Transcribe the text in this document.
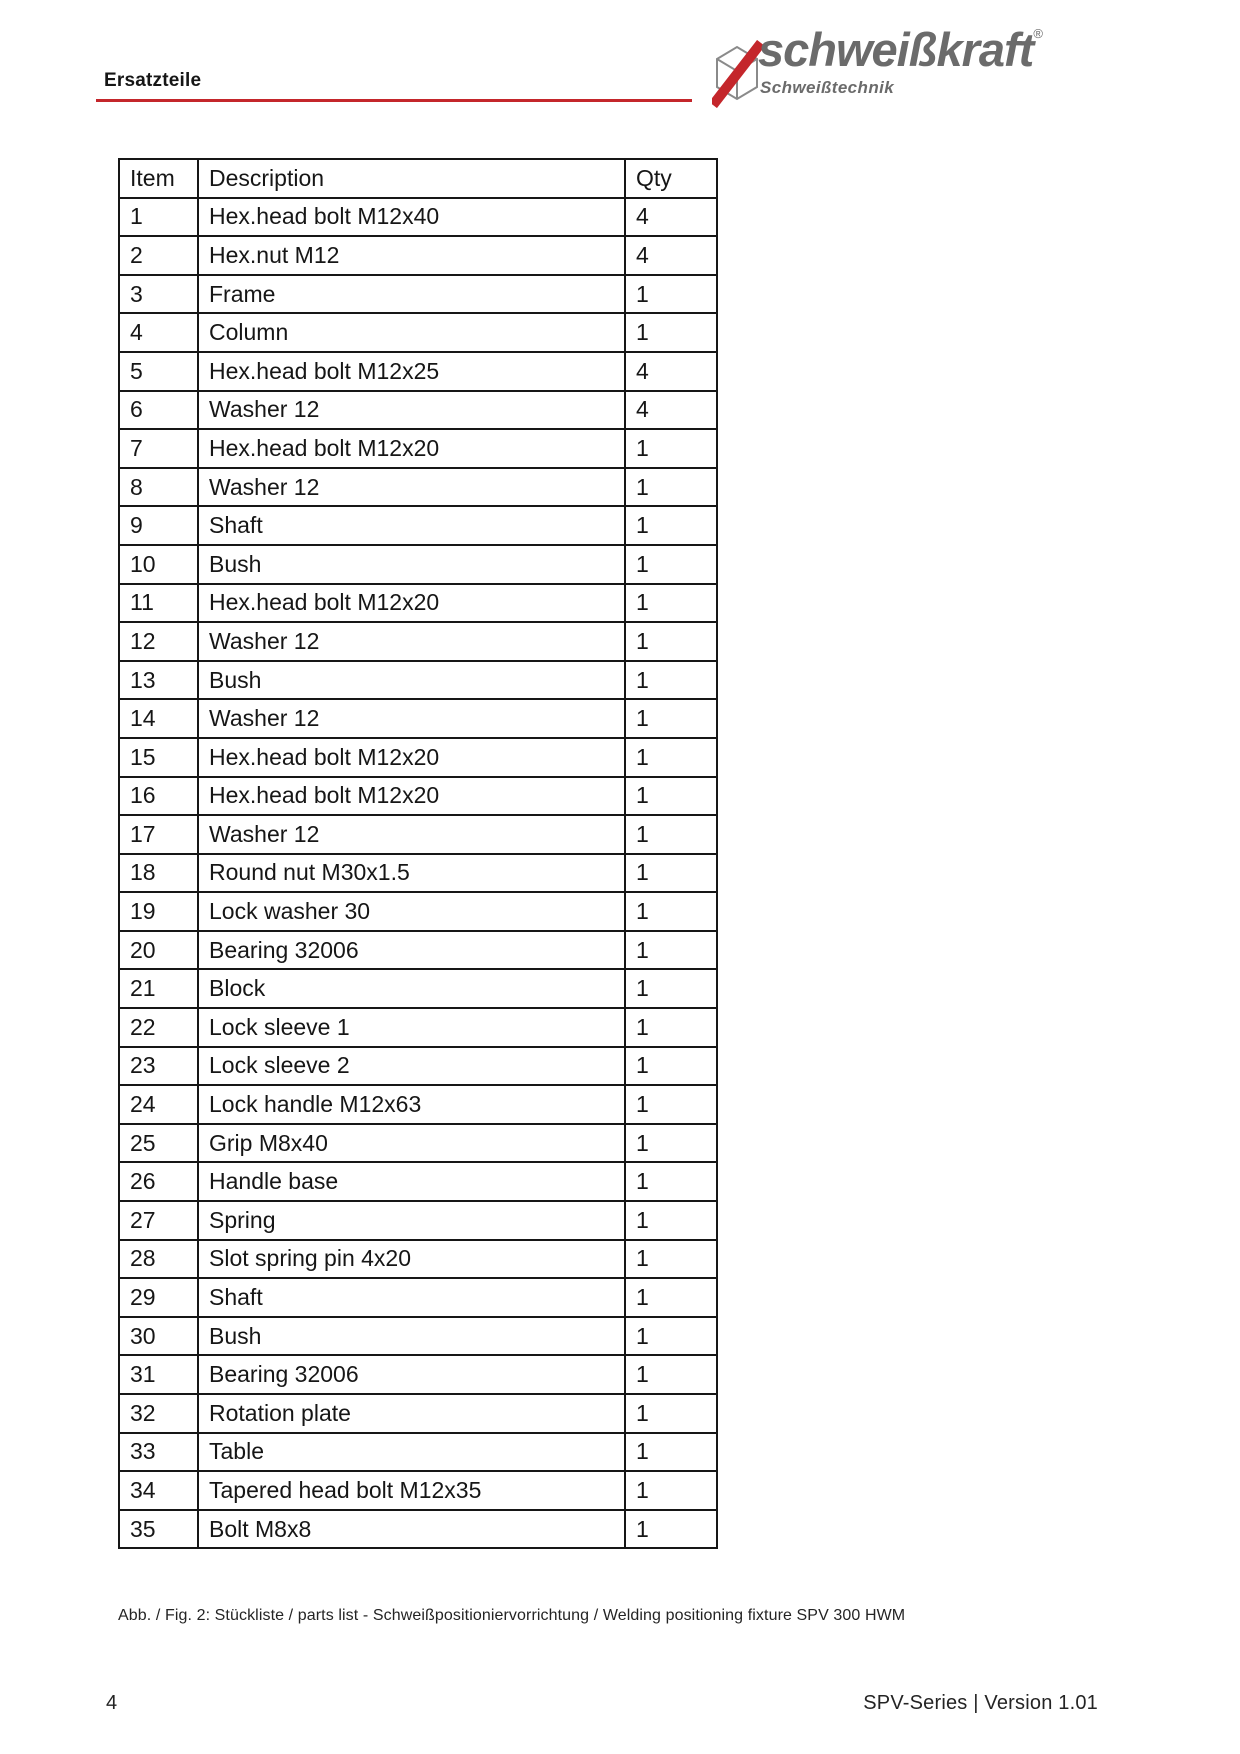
Ersatzteile
schweißkraft®
Schweißtechnik
Item	Description	Qty
1	Hex.head bolt M12x40	4
2	Hex.nut M12	4
3	Frame	1
4	Column	1
5	Hex.head bolt M12x25	4
6	Washer 12	4
7	Hex.head bolt M12x20	1
8	Washer 12	1
9	Shaft	1
10	Bush	1
11	Hex.head bolt M12x20	1
12	Washer 12	1
13	Bush	1
14	Washer 12	1
15	Hex.head bolt M12x20	1
16	Hex.head bolt M12x20	1
17	Washer 12	1
18	Round nut M30x1.5	1
19	Lock washer 30	1
20	Bearing 32006	1
21	Block	1
22	Lock sleeve 1	1
23	Lock sleeve 2	1
24	Lock handle M12x63	1
25	Grip M8x40	1
26	Handle base	1
27	Spring	1
28	Slot spring pin 4x20	1
29	Shaft	1
30	Bush	1
31	Bearing 32006	1
32	Rotation plate	1
33	Table	1
34	Tapered head bolt M12x35	1
35	Bolt M8x8	1
Abb. / Fig. 2: Stückliste / parts list - Schweißpositioniervorrichtung / Welding positioning fixture SPV 300 HWM
4	SPV-Series | Version 1.01
